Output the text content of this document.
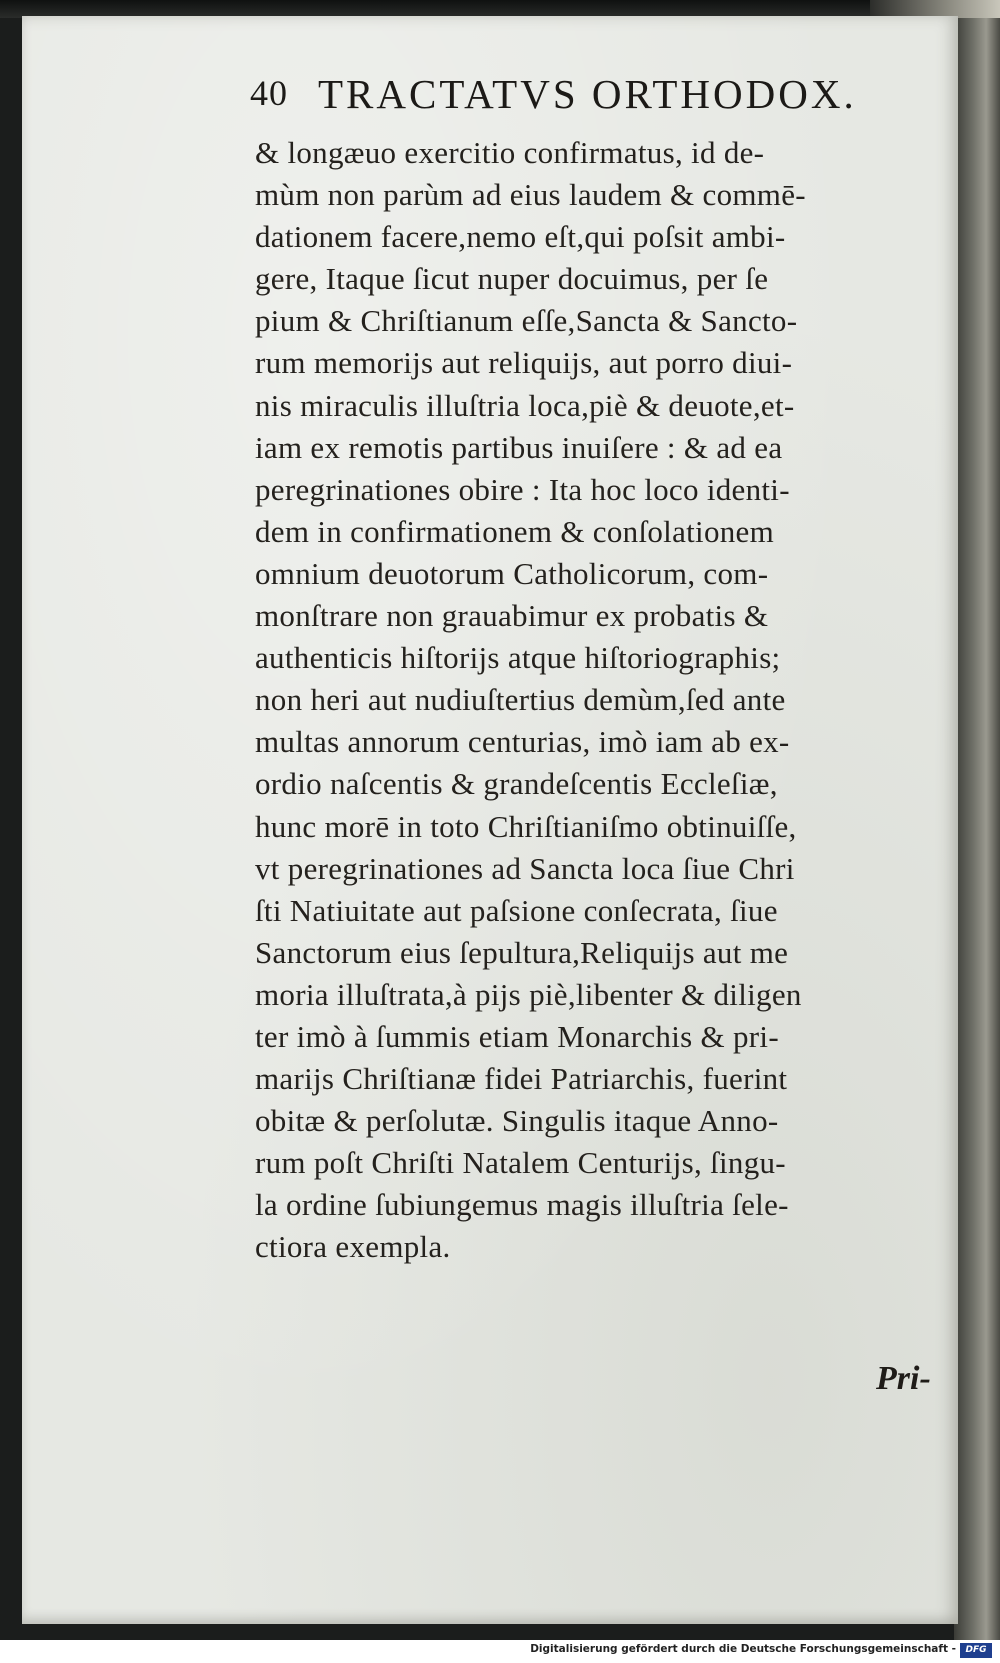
40 TRACTATVS ORTHODOX.
& longæuo exercitio confirmatus, id de-
mùm non parùm ad eius laudem & commē-
dationem facere,nemo eſt,qui poſsit ambi-
gere, Itaque ſicut nuper docuimus, per ſe
pium & Chriſtianum eſſe,Sancta & Sancto-
rum memorijs aut reliquijs, aut porro diui-
nis miraculis illuſtria loca,piè & deuote,et-
iam ex remotis partibus inuiſere : & ad ea
peregrinationes obire : Ita hoc loco identi-
dem in confirmationem & conſolationem
omnium deuotorum Catholicorum, com-
monſtrare non grauabimur ex probatis &
authenticis hiſtorijs atque hiſtoriographis;
non heri aut nudiuſtertius demùm,ſed ante
multas annorum centurias, imò iam ab ex-
ordio naſcentis & grandeſcentis Eccleſiæ,
hunc morē in toto Chriſtianiſmo obtinuiſſe,
vt peregrinationes ad Sancta loca ſiue Chri
ſti Natiuitate aut paſsione conſecrata, ſiue
Sanctorum eius ſepultura,Reliquijs aut me
moria illuſtrata,à pijs piè,libenter & diligen
ter imò à ſummis etiam Monarchis & pri-
marijs Chriſtianæ fidei Patriarchis, fuerint
obitæ & perſolutæ. Singulis itaque Anno-
rum poſt Chriſti Natalem Centurijs, ſingu-
la ordine ſubiungemus magis illuſtria ſele-
ctiora exempla.
Pri-
Digitalisierung gefördert durch die Deutsche Forschungsgemeinschaft -	DFG
